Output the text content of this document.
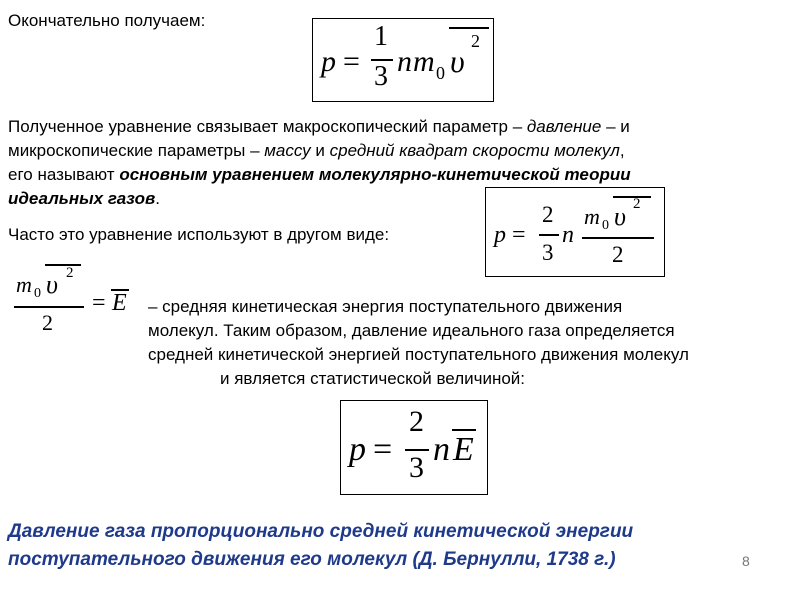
Окончательно получаем:
p =
1
3 n m 0 υ
2
Полученное уравнение связывает макроскопический параметр – давление – и
микроскопические параметры – массу и средний квадрат скорости молекул,
его называют основным уравнением молекулярно-кинетической теории
идеальных газов.
Часто это уравнение используют в другом виде:	p =
2
3
n
m 0 υ 2
2
m 0 υ 2
2
= E – средняя кинетическая энергия поступательного движения
молекул. Таким образом, давление идеального газа определяется
средней кинетической энергией поступательного движения молекул
и является статистической величиной:
p =
2
3 n E
Давление газа пропорционально средней кинетической энергии
поступательного движения его молекул (Д. Бернулли, 1738 г.)	8
